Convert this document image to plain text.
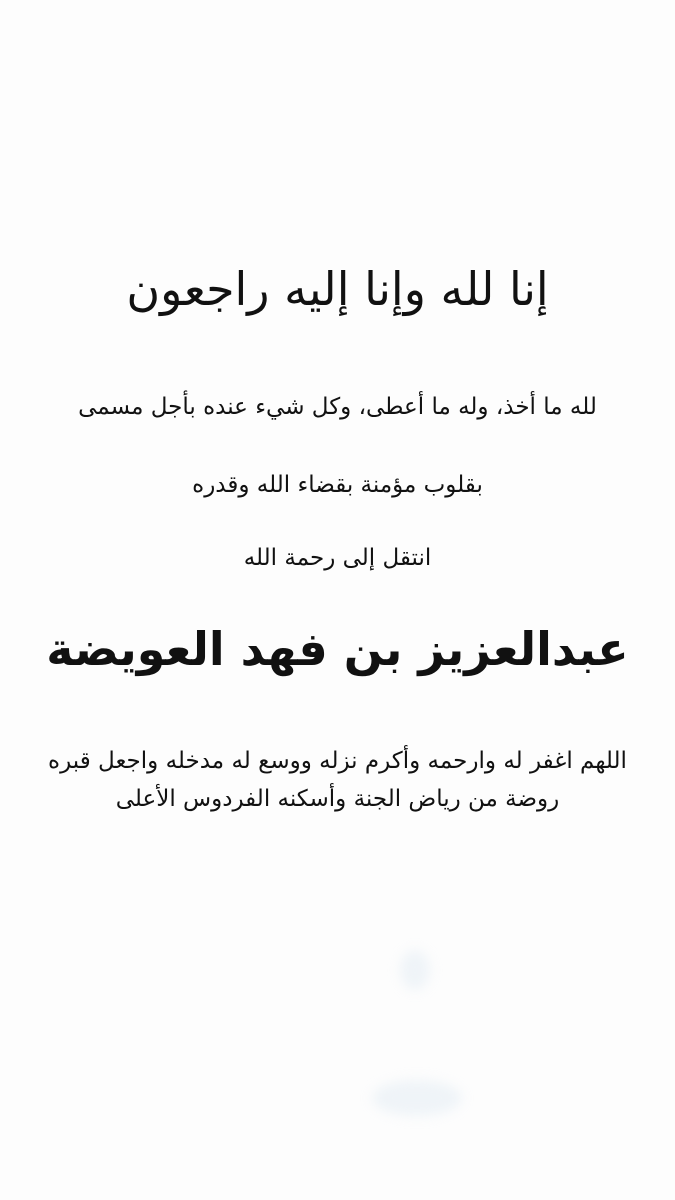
إنا لله وإنا إليه راجعون
لله ما أخذ، وله ما أعطى، وكل شيء عنده بأجل مسمى
بقلوب مؤمنة بقضاء الله وقدره
انتقل إلى رحمة الله
عبدالعزيز بن فهد العويضة
اللهم اغفر له وارحمه وأكرم نزله ووسع له مدخله واجعل قبره روضة من رياض الجنة وأسكنه الفردوس الأعلى
